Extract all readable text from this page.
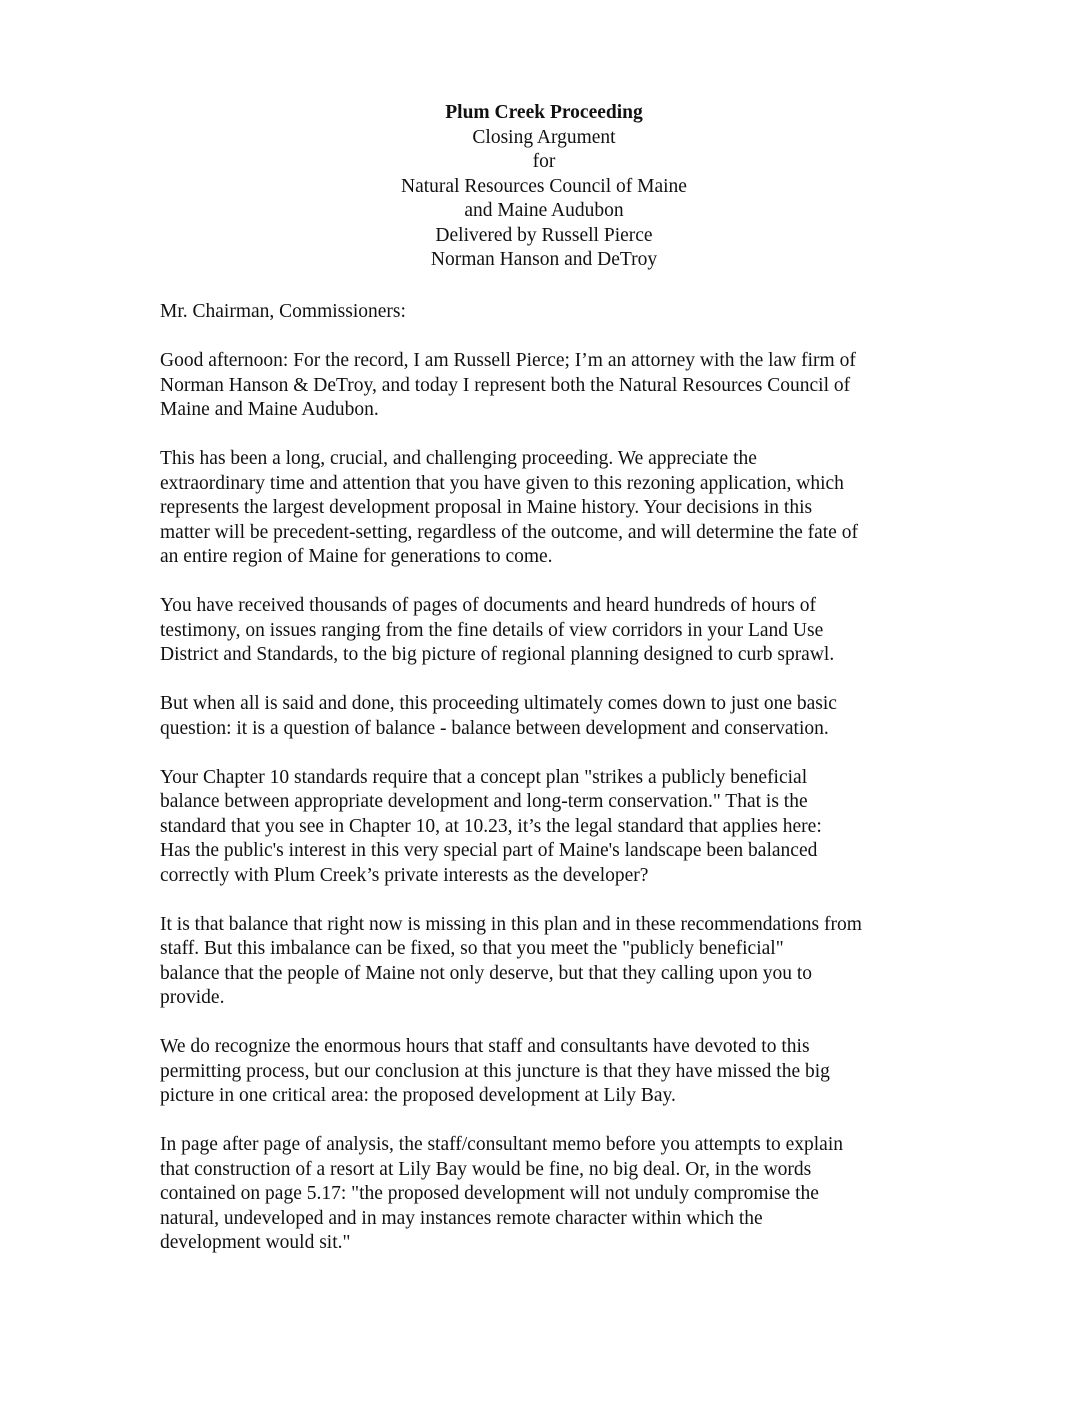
Plum Creek Proceeding
Closing Argument
for
Natural Resources Council of Maine
and Maine Audubon
Delivered by Russell Pierce
Norman Hanson and DeTroy

Mr. Chairman, Commissioners:

Good afternoon: For the record, I am Russell Pierce; I’m an attorney with the law firm of
Norman Hanson & DeTroy, and today I represent both the Natural Resources Council of
Maine and Maine Audubon.

This has been a long, crucial, and challenging proceeding. We appreciate the
extraordinary time and attention that you have given to this rezoning application, which
represents the largest development proposal in Maine history. Your decisions in this
matter will be precedent-setting, regardless of the outcome, and will determine the fate of
an entire region of Maine for generations to come.

You have received thousands of pages of documents and heard hundreds of hours of
testimony, on issues ranging from the fine details of view corridors in your Land Use
District and Standards, to the big picture of regional planning designed to curb sprawl.

But when all is said and done, this proceeding ultimately comes down to just one basic
question: it is a question of balance - balance between development and conservation.

Your Chapter 10 standards require that a concept plan "strikes a publicly beneficial
balance between appropriate development and long-term conservation." That is the
standard that you see in Chapter 10, at 10.23, it’s the legal standard that applies here:
Has the public's interest in this very special part of Maine's landscape been balanced
correctly with Plum Creek’s private interests as the developer?

It is that balance that right now is missing in this plan and in these recommendations from
staff. But this imbalance can be fixed, so that you meet the "publicly beneficial"
balance that the people of Maine not only deserve, but that they calling upon you to
provide.

We do recognize the enormous hours that staff and consultants have devoted to this
permitting process, but our conclusion at this juncture is that they have missed the big
picture in one critical area: the proposed development at Lily Bay.

In page after page of analysis, the staff/consultant memo before you attempts to explain
that construction of a resort at Lily Bay would be fine, no big deal. Or, in the words
contained on page 5.17: "the proposed development will not unduly compromise the
natural, undeveloped and in may instances remote character within which the
development would sit."
